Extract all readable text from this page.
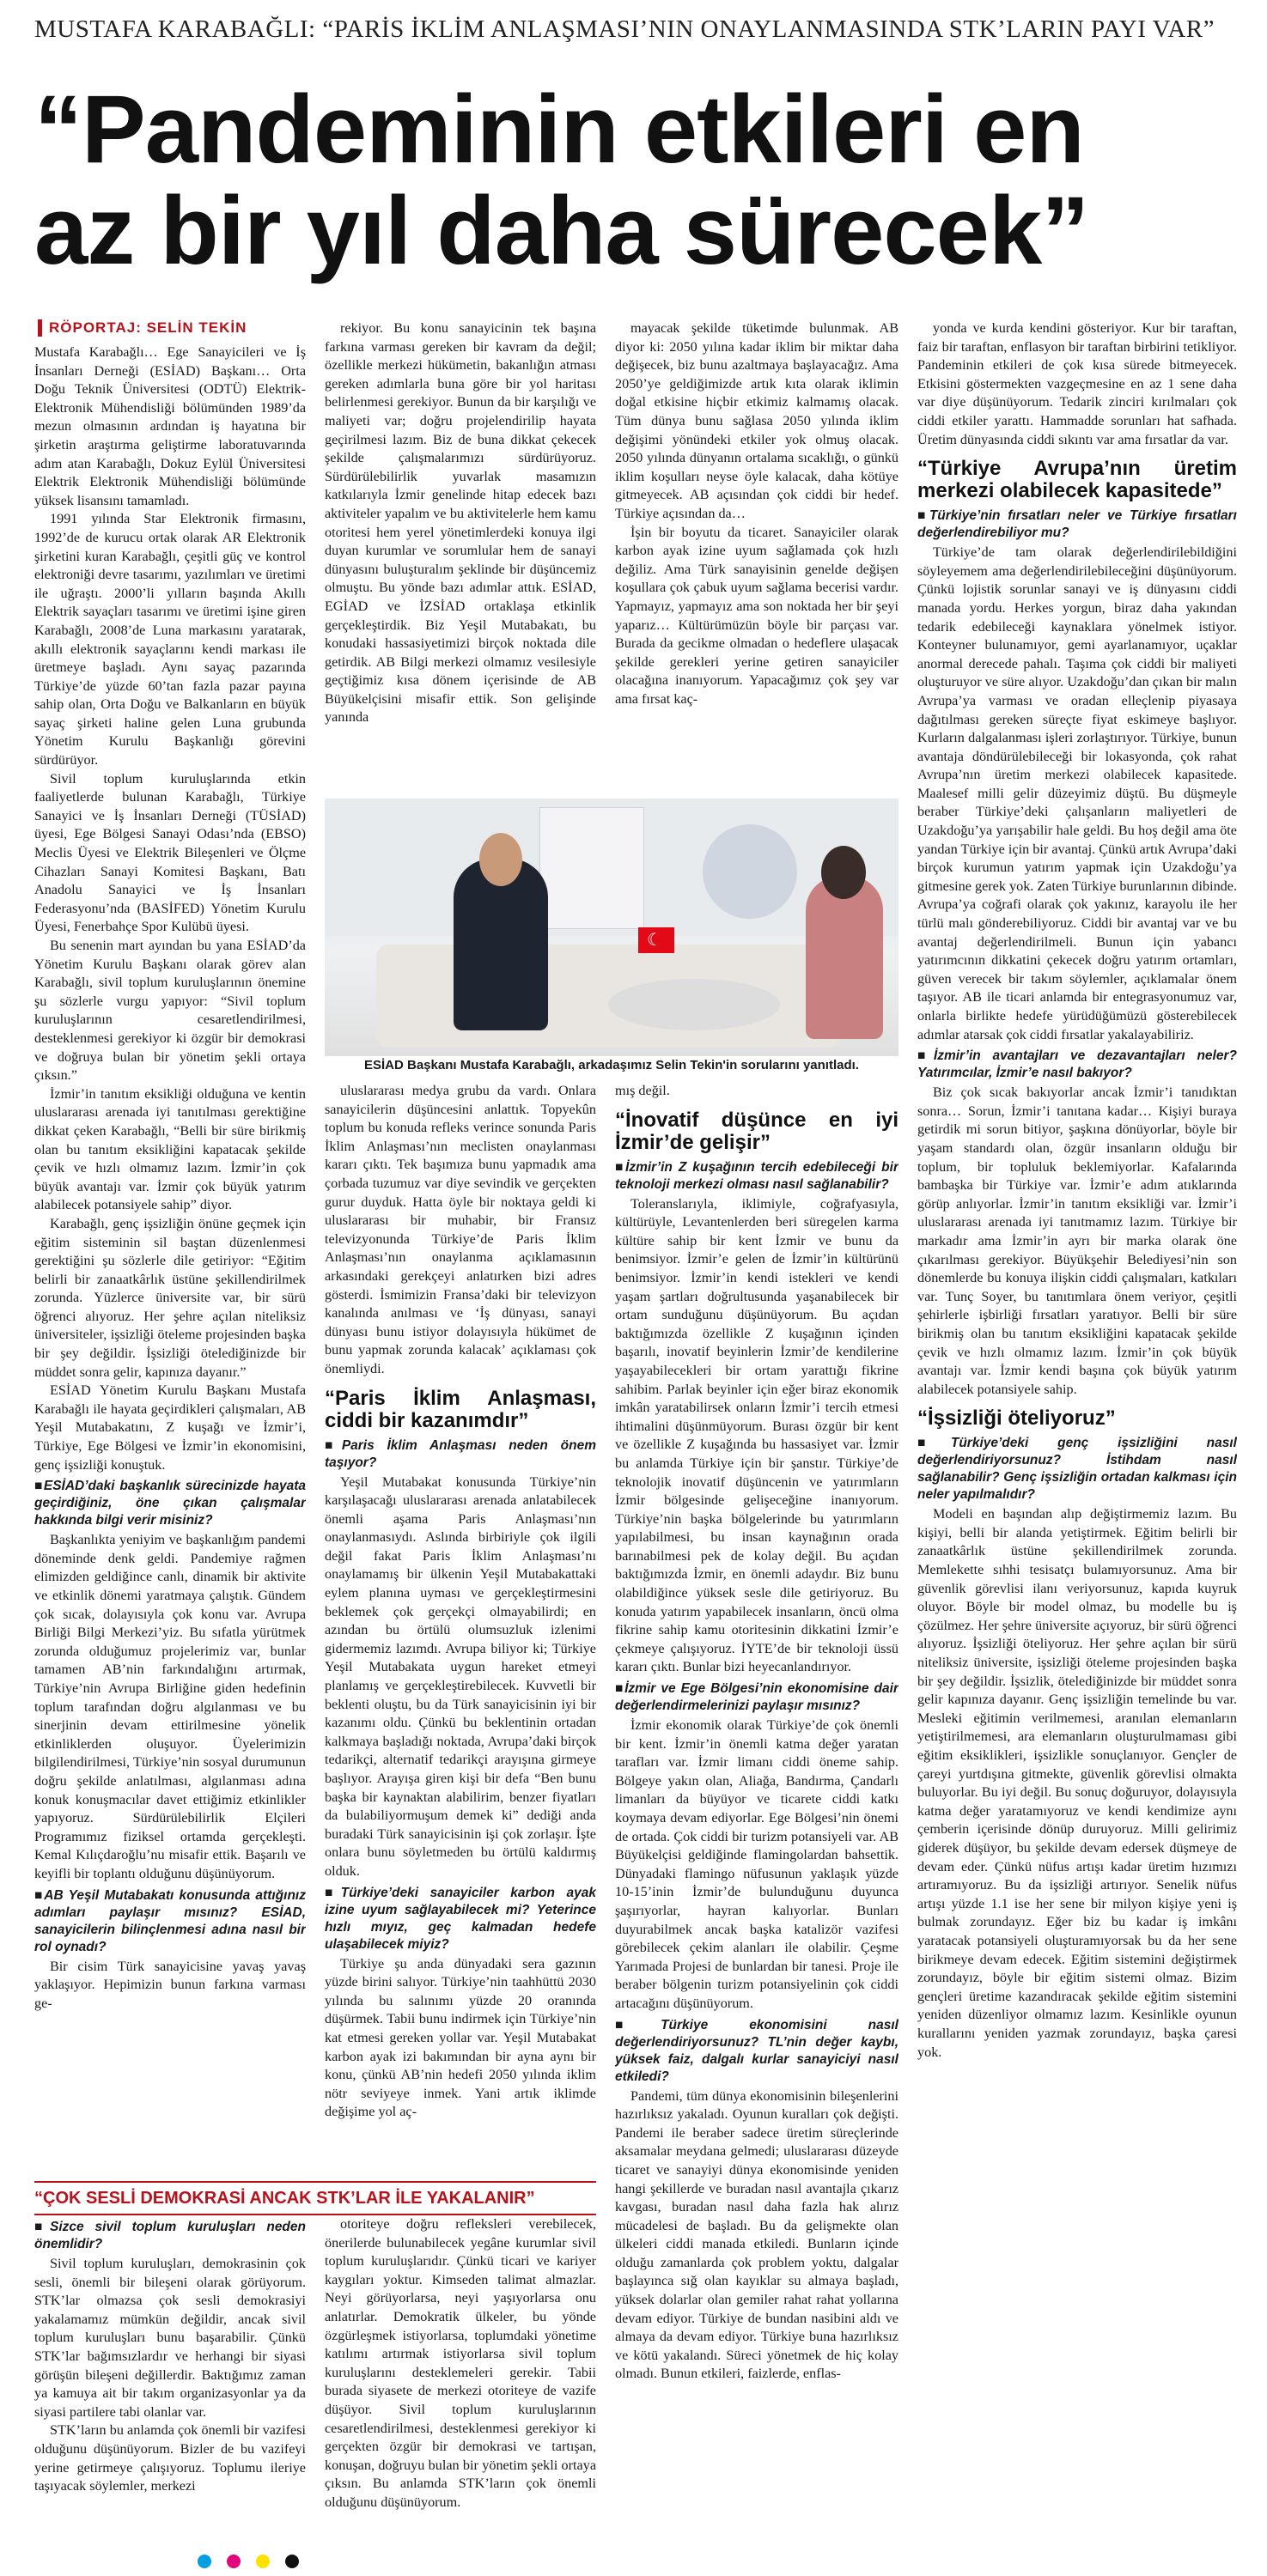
MUSTAFA KARABAĞLI: “PARİS İKLİM ANLAŞMASI’NIN ONAYLANMASINDA STK’LARIN PAYI VAR”
“Pandeminin etkileri en
az bir yıl daha sürecek”
RÖPORTAJ: SELİN TEKİN

Mustafa Karabağlı… Ege Sanayicileri ve İş İnsanları Derneği (ESİAD) Başkanı… Orta Doğu Teknik Üniversitesi (ODTÜ) Elektrik-Elektronik Mühendisliği bölümünden 1989’da mezun olmasının ardından iş hayatına bir şirketin araştırma geliştirme laboratuvarında adım atan Karabağlı, Dokuz Eylül Üniversitesi Elektrik Elektronik Mühendisliği bölümünde yüksek lisansını tamamladı.

1991 yılında Star Elektronik firmasını, 1992’de de kurucu ortak olarak AR Elektronik şirketini kuran Karabağlı, çeşitli güç ve kontrol elektroniği devre tasarımı, yazılımları ve üretimi ile uğraştı. 2000’li yılların başında Akıllı Elektrik sayaçları tasarımı ve üretimi işine giren Karabağlı, 2008’de Luna markasını yaratarak, akıllı elektronik sayaçlarını kendi markası ile üretmeye başladı. Aynı sayaç pazarında Türkiye’de yüzde 60’tan fazla pazar payına sahip olan, Orta Doğu ve Balkanların en büyük sayaç şirketi haline gelen Luna grubunda Yönetim Kurulu Başkanlığı görevini sürdürüyor.

Sivil toplum kuruluşlarında etkin faaliyetlerde bulunan Karabağlı, Türkiye Sanayici ve İş İnsanları Derneği (TÜSİAD) üyesi, Ege Bölgesi Sanayi Odası’nda (EBSO) Meclis Üyesi ve Elektrik Bileşenleri ve Ölçme Cihazları Sanayi Komitesi Başkanı, Batı Anadolu Sanayici ve İş İnsanları Federasyonu’nda (BASİFED) Yönetim Kurulu Üyesi, Fenerbahçe Spor Kulübü üyesi.

Bu senenin mart ayından bu yana ESİAD’da Yönetim Kurulu Başkanı olarak görev alan Karabağlı, sivil toplum kuruluşlarının önemine şu sözlerle vurgu yapıyor: “Sivil toplum kuruluşlarının cesaretlendirilmesi, desteklenmesi gerekiyor ki özgür bir demokrasi ve doğruya bulan bir yönetim şekli ortaya çıksın.”

İzmir’in tanıtım eksikliği olduğuna ve kentin uluslararası arenada iyi tanıtılması gerektiğine dikkat çeken Karabağlı, “Belli bir süre birikmiş olan bu tanıtım eksikliğini kapatacak şekilde çevik ve hızlı olmamız lazım. İzmir’in çok büyük avantajı var. İzmir çok büyük yatırım alabilecek potansiyele sahip” diyor.

Karabağlı, genç işsizliğin önüne geçmek için eğitim sisteminin sil baştan düzenlenmesi gerektiğini şu sözlerle dile getiriyor: “Eğitim belirli bir zanaatkârlık üstüne şekillendirilmek zorunda. Yüzlerce üniversite var, bir sürü öğrenci alıyoruz. Her şehre açılan niteliksiz üniversiteler, işsizliği öteleme projesinden başka bir şey değildir. İşsizliği ötelediğinizde bir müddet sonra gelir, kapınıza dayanır.”

ESİAD Yönetim Kurulu Başkanı Mustafa Karabağlı ile hayata geçirdikleri çalışmaları, AB Yeşil Mutabakatını, Z kuşağı ve İzmir’i, Türkiye, Ege Bölgesi ve İzmir’in ekonomisini, genç işsizliği konuştuk.

■ ESİAD’daki başkanlık sürecinizde hayata geçirdiğiniz, öne çıkan çalışmalar hakkında bilgi verir misiniz?

Başkanlıkta yeniyim ve başkanlığım pandemi döneminde denk geldi. Pandemiye rağmen elimizden geldiğince canlı, dinamik bir aktivite ve etkinlik dönemi yaratmaya çalıştık. Gündem çok sıcak, dolayısıyla çok konu var. Avrupa Birliği Bilgi Merkezi’yiz. Bu sıfatla yürütmek zorunda olduğumuz projelerimiz var, bunlar tamamen AB’nin farkındalığını artırmak, Türkiye’nin Avrupa Birliğine giden hedefinin toplum tarafından doğru algılanması ve bu sinerjinin devam ettirilmesine yönelik etkinliklerden oluşuyor. Üyelerimizin bilgilendirilmesi, Türkiye’nin sosyal durumunun doğru şekilde anlatılması, algılanması adına konuk konuşmacılar davet ettiğimiz etkinlikler yapıyoruz. Sürdürülebilirlik Elçileri Programımız fiziksel ortamda gerçekleşti. Kemal Kılıçdaroğlu’nu misafir ettik. Başarılı ve keyifli bir toplantı olduğunu düşünüyorum.

■ AB Yeşil Mutabakatı konusunda attığınız adımları paylaşır mısınız? ESİAD, sanayicilerin bilinçlenmesi adına nasıl bir rol oynadı?

Bir cisim Türk sanayicisine yavaş yavaş yaklaşıyor. Hepimizin bunun farkına varması ge-

rekiyor. Bu konu sanayicinin tek başına farkına varması gereken bir kavram da değil; özellikle merkezi hükümetin, bakanlığın atması gereken adımlarla buna göre bir yol haritası belirlenmesi gerekiyor. Bunun da bir karşılığı ve maliyeti var; doğru projelendirilip hayata geçirilmesi lazım. Biz de buna dikkat çekecek şekilde çalışmalarımızı sürdürüyoruz. Sürdürülebilirlik yuvarlak masamızın katkılarıyla İzmir genelinde hitap edecek bazı aktiviteler yapalım ve bu aktivitelerle hem kamu otoritesi hem yerel yönetimlerdeki konuya ilgi duyan kurumlar ve sorumlular hem de sanayi dünyasını buluşturalım şeklinde bir düşüncemiz olmuştu. Bu yönde bazı adımlar attık. ESİAD, EGİAD ve İZSİAD ortaklaşa etkinlik gerçekleştirdik. Biz Yeşil Mutabakatı, bu konudaki hassasiyetimizi birçok noktada dile getirdik. AB Bilgi merkezi olmamız vesilesiyle geçtiğimiz kısa dönem içerisinde de AB Büyükelçisini misafir ettik. Son gelişinde yanında

mayacak şekilde tüketimde bulunmak. AB diyor ki: 2050 yılına kadar iklim bir miktar daha değişecek, biz bunu azaltmaya başlayacağız. Ama 2050’ye geldiğimizde artık kıta olarak iklimin doğal etkisine hiçbir etkimiz kalmamış olacak. Tüm dünya bunu sağlasa 2050 yılında iklim değişimi yönündeki etkiler yok olmuş olacak. 2050 yılında dünyanın ortalama sıcaklığı, o günkü iklim koşulları neyse öyle kalacak, daha kötüye gitmeyecek. AB açısından çok ciddi bir hedef. Türkiye açısından da…

İşin bir boyutu da ticaret. Sanayiciler olarak karbon ayak izine uyum sağlamada çok hızlı değiliz. Ama Türk sanayisinin genelde değişen koşullara çok çabuk uyum sağlama becerisi vardır. Yapmayız, yapmayız ama son noktada her bir şeyi yaparız… Kültürümüzün böyle bir parçası var. Burada da gecikme olmadan o hedeflere ulaşacak şekilde gerekleri yerine getiren sanayiciler olacağına inanıyorum. Yapacağımız çok şey var ama fırsat kaç-

☾
ESİAD Başkanı Mustafa Karabağlı, arkadaşımız Selin Tekin'in sorularını yanıtladı.

uluslararası medya grubu da vardı. Onlara sanayicilerin düşüncesini anlattık. Topyekûn toplum bu konuda refleks verince sonunda Paris İklim Anlaşması’nın meclisten onaylanması kararı çıktı. Tek başımıza bunu yapmadık ama çorbada tuzumuz var diye sevindik ve gerçekten gurur duyduk. Hatta öyle bir noktaya geldi ki uluslararası bir muhabir, bir Fransız televizyonunda Türkiye’de Paris İklim Anlaşması’nın onaylanma açıklamasının arkasındaki gerekçeyi anlatırken bizi adres gösterdi. İsmimizin Fransa’daki bir televizyon kanalında anılması ve ‘İş dünyası, sanayi dünyası bunu istiyor dolayısıyla hükümet de bunu yapmak zorunda kalacak’ açıklaması çok önemliydi.

“Paris İklim Anlaşması, ciddi bir kazanımdır”
■ Paris İklim Anlaşması neden önem taşıyor?

Yeşil Mutabakat konusunda Türkiye’nin karşılaşacağı uluslararası arenada anlatabilecek önemli aşama Paris Anlaşması’nın onaylanmasıydı. Aslında birbiriyle çok ilgili değil fakat Paris İklim Anlaşması’nı onaylamamış bir ülkenin Yeşil Mutabakattaki eylem planına uyması ve gerçekleştirmesini beklemek çok gerçekçi olmayabilirdi; en azından bu örtülü olumsuzluk izlenimi gidermemiz lazımdı. Avrupa biliyor ki; Türkiye Yeşil Mutabakata uygun hareket etmeyi planlamış ve gerçekleştirebilecek. Kuvvetli bir beklenti oluştu, bu da Türk sanayicisinin iyi bir kazanımı oldu. Çünkü bu beklentinin ortadan kalkmaya başladığı noktada, Avrupa’daki birçok tedarikçi, alternatif tedarikçi arayışına girmeye başlıyor. Arayışa giren kişi bir defa “Ben bunu başka bir kaynaktan alabilirim, benzer fiyatları da bulabiliyormuşum demek ki” dediği anda buradaki Türk sanayicisinin işi çok zorlaşır. İşte onlara bunu söyletmeden bu örtülü kaldırmış olduk.

■ Türkiye’deki sanayiciler karbon ayak izine uyum sağlayabilecek mi? Yeterince hızlı mıyız, geç kalmadan hedefe ulaşabilecek miyiz?

Türkiye şu anda dünyadaki sera gazının yüzde birini salıyor. Türkiye’nin taahhüttü 2030 yılında bu salınımı yüzde 20 oranında düşürmek. Tabii bunu indirmek için Türkiye’nin kat etmesi gereken yollar var. Yeşil Mutabakat karbon ayak izi bakımından bir ayna aynı bir konu, çünkü AB’nin hedefi 2050 yılında iklim nötr seviyeye inmek. Yani artık iklimde değişime yol aç-

mış değil.

“İnovatif düşünce en iyi İzmir’de gelişir”
■ İzmir’in Z kuşağının tercih edebileceği bir teknoloji merkezi olması nasıl sağlanabilir?

Toleranslarıyla, iklimiyle, coğrafyasıyla, kültürüyle, Levantenlerden beri süregelen karma kültüre sahip bir kent İzmir ve bunu da benimsiyor. İzmir’e gelen de İzmir’in kültürünü benimsiyor. İzmir’in kendi istekleri ve kendi yaşam şartları doğrultusunda yaşanabilecek bir ortam sunduğunu düşünüyorum. Bu açıdan baktığımızda özellikle Z kuşağının içinden başarılı, inovatif beyinlerin İzmir’de kendilerine yaşayabilecekleri bir ortam yarattığı fikrine sahibim. Parlak beyinler için eğer biraz ekonomik imkân yaratabilirsek onların İzmir’i tercih etmesi ihtimalini düşünmüyorum. Burası özgür bir kent ve özellikle Z kuşağında bu hassasiyet var. İzmir bu anlamda Türkiye için bir şanstır. Türkiye’de teknolojik inovatif düşüncenin ve yatırımların İzmir bölgesinde gelişeceğine inanıyorum. Türkiye’nin başka bölgelerinde bu yatırımların yapılabilmesi, bu insan kaynağının orada barınabilmesi pek de kolay değil. Bu açıdan baktığımızda İzmir, en önemli adaydır. Biz bunu olabildiğince yüksek sesle dile getiriyoruz. Bu konuda yatırım yapabilecek insanların, öncü olma fikrine sahip kamu otoritesinin dikkatini İzmir’e çekmeye çalışıyoruz. İYTE’de bir teknoloji üssü kararı çıktı. Bunlar bizi heyecanlandırıyor.

■ İzmir ve Ege Bölgesi’nin ekonomisine dair değerlendirmelerinizi paylaşır mısınız?

İzmir ekonomik olarak Türkiye’de çok önemli bir kent. İzmir’in önemli katma değer yaratan tarafları var. İzmir limanı ciddi öneme sahip. Bölgeye yakın olan, Aliağa, Bandırma, Çandarlı limanları da büyüyor ve ticarete ciddi katkı koymaya devam ediyorlar. Ege Bölgesi’nin önemi de ortada. Çok ciddi bir turizm potansiyeli var. AB Büyükelçisi geldiğinde flamingolardan bahsettik. Dünyadaki flamingo nüfusunun yaklaşık yüzde 10-15’inin İzmir’de bulunduğunu duyunca şaşırıyorlar, hayran kalıyorlar. Bunları duyurabilmek ancak başka katalizör vazifesi görebilecek çekim alanları ile olabilir. Çeşme Yarımada Projesi de bunlardan bir tanesi. Proje ile beraber bölgenin turizm potansiyelinin çok ciddi artacağını düşünüyorum.

■ Türkiye ekonomisini nasıl değerlendiriyorsunuz? TL’nin değer kaybı, yüksek faiz, dalgalı kurlar sanayiciyi nasıl etkiledi?

Pandemi, tüm dünya ekonomisinin bileşenlerini hazırlıksız yakaladı. Oyunun kuralları çok değişti. Pandemi ile beraber sadece üretim süreçlerinde aksamalar meydana gelmedi; uluslararası düzeyde ticaret ve sanayiyi dünya ekonomisinde yeniden hangi şekillerde ve buradan nasıl avantajla çıkarız kavgası, buradan nasıl daha fazla hak alırız mücadelesi de başladı. Bu da gelişmekte olan ülkeleri ciddi manada etkiledi. Bunların içinde olduğu zamanlarda çok problem yoktu, dalgalar başlayınca sığ olan kayıklar su almaya başladı, yüksek dolarlar olan gemiler rahat rahat yollarına devam ediyor. Türkiye de bundan nasibini aldı ve almaya da devam ediyor. Türkiye buna hazırlıksız ve kötü yakalandı. Süreci yönetmek de hiç kolay olmadı. Bunun etkileri, faizlerde, enflas-

yonda ve kurda kendini gösteriyor. Kur bir taraftan, faiz bir taraftan, enflasyon bir taraftan birbirini tetikliyor. Pandeminin etkileri de çok kısa sürede bitmeyecek. Etkisini göstermekten vazgeçmesine en az 1 sene daha var diye düşünüyorum. Tedarik zinciri kırılmaları çok ciddi etkiler yarattı. Hammadde sorunları hat safhada. Üretim dünyasında ciddi sıkıntı var ama fırsatlar da var.

“Türkiye Avrupa’nın üretim merkezi olabilecek kapasitede”
■ Türkiye’nin fırsatları neler ve Türkiye fırsatları değerlendirebiliyor mu?

Türkiye’de tam olarak değerlendirilebildiğini söyleyemem ama değerlendirilebileceğini düşünüyorum. Çünkü lojistik sorunlar sanayi ve iş dünyasını ciddi manada yordu. Herkes yorgun, biraz daha yakından tedarik edebileceği kaynaklara yönelmek istiyor. Konteyner bulunamıyor, gemi ayarlanamıyor, uçaklar anormal derecede pahalı. Taşıma çok ciddi bir maliyeti oluşturuyor ve süre alıyor. Uzakdoğu’dan çıkan bir malın Avrupa’ya varması ve oradan elleçlenip piyasaya dağıtılması gereken süreçte fiyat eskimeye başlıyor. Kurların dalgalanması işleri zorlaştırıyor. Türkiye, bunun avantaja döndürülebileceği bir lokasyonda, çok rahat Avrupa’nın üretim merkezi olabilecek kapasitede. Maalesef milli gelir düzeyimiz düştü. Bu düşmeyle beraber Türkiye’deki çalışanların maliyetleri de Uzakdoğu’ya yarışabilir hale geldi. Bu hoş değil ama öte yandan Türkiye için bir avantaj. Çünkü artık Avrupa’daki birçok kurumun yatırım yapmak için Uzakdoğu’ya gitmesine gerek yok. Zaten Türkiye burunlarının dibinde. Avrupa’ya coğrafi olarak çok yakınız, karayolu ile her türlü malı gönderebiliyoruz. Ciddi bir avantaj var ve bu avantaj değerlendirilmeli. Bunun için yabancı yatırımcının dikkatini çekecek doğru yatırım ortamları, güven verecek bir takım söylemler, açıklamalar önem taşıyor. AB ile ticari anlamda bir entegrasyonumuz var, onlarla birlikte hedefe yürüdüğümüzü gösterebilecek adımlar atarsak çok ciddi fırsatlar yakalayabiliriz.

■ İzmir’in avantajları ve dezavantajları neler? Yatırımcılar, İzmir’e nasıl bakıyor?

Biz çok sıcak bakıyorlar ancak İzmir’i tanıdıktan sonra… Sorun, İzmir’i tanıtana kadar… Kişiyi buraya getirdik mi sorun bitiyor, şaşkına dönüyorlar, böyle bir yaşam standardı olan, özgür insanların olduğu bir toplum, bir topluluk beklemiyorlar. Kafalarında bambaşka bir Türkiye var. İzmir’e adım atıklarında görüp anlıyorlar. İzmir’in tanıtım eksikliği var. İzmir’i uluslararası arenada iyi tanıtmamız lazım. Türkiye bir markadır ama İzmir’in ayrı bir marka olarak öne çıkarılması gerekiyor. Büyükşehir Belediyesi’nin son dönemlerde bu konuya ilişkin ciddi çalışmaları, katkıları var. Tunç Soyer, bu tanıtımlara önem veriyor, çeşitli şehirlerle işbirliği fırsatları yaratıyor. Belli bir süre birikmiş olan bu tanıtım eksikliğini kapatacak şekilde çevik ve hızlı olmamız lazım. İzmir’in çok büyük avantajı var. İzmir kendi başına çok büyük yatırım alabilecek potansiyele sahip.

“İşsizliği öteliyoruz”
■ Türkiye’deki genç işsizliğini nasıl değerlendiriyorsunuz? İstihdam nasıl sağlanabilir? Genç işsizliğin ortadan kalkması için neler yapılmalıdır?

Modeli en başından alıp değiştirmemiz lazım. Bu kişiyi, belli bir alanda yetiştirmek. Eğitim belirli bir zanaatkârlık üstüne şekillendirilmek zorunda. Memlekette sıhhi tesisatçı bulamıyorsunuz. Ama bir güvenlik görevlisi ilanı veriyorsunuz, kapıda kuyruk oluyor. Böyle bir model olmaz, bu modelle bu iş çözülmez. Her şehre üniversite açıyoruz, bir sürü öğrenci alıyoruz. İşsizliği öteliyoruz. Her şehre açılan bir sürü niteliksiz üniversite, işsizliği öteleme projesinden başka bir şey değildir. İşsizlik, ötelediğinizde bir müddet sonra gelir kapınıza dayanır. Genç işsizliğin temelinde bu var. Mesleki eğitimin verilmemesi, aranılan elemanların yetiştirilmemesi, ara elemanların oluşturulmaması gibi eğitim eksiklikleri, işsizlikle sonuçlanıyor. Gençler de çareyi yurtdışına gitmekte, güvenlik görevlisi olmakta buluyorlar. Bu iyi değil. Bu sonuç doğuruyor, dolayısıyla katma değer yaratamıyoruz ve kendi kendimize aynı çemberin içerisinde dönüp duruyoruz. Milli gelirimiz giderek düşüyor, bu şekilde devam edersek düşmeye de devam eder. Çünkü nüfus artışı kadar üretim hızımızı artıramıyoruz. Bu da işsizliği artırıyor. Senelik nüfus artışı yüzde 1.1 ise her sene bir milyon kişiye yeni iş bulmak zorundayız. Eğer biz bu kadar iş imkânı yaratacak potansiyeli oluşturamıyorsak bu da her sene birikmeye devam edecek. Eğitim sistemini değiştirmek zorundayız, böyle bir eğitim sistemi olmaz. Bizim gençleri üretime kazandıracak şekilde eğitim sistemini yeniden düzenliyor olmamız lazım. Kesinlikle oyunun kurallarını yeniden yazmak zorundayız, başka çaresi yok.

“ÇOK SESLİ DEMOKRASİ ANCAK STK’LAR İLE YAKALANIR”
■ Sizce sivil toplum kuruluşları neden önemlidir?

Sivil toplum kuruluşları, demokrasinin çok sesli, önemli bir bileşeni olarak görüyorum. STK’lar olmazsa çok sesli demokrasiyi yakalamamız mümkün değildir, ancak sivil toplum kuruluşları bunu başarabilir. Çünkü STK’lar bağımsızlardır ve herhangi bir siyasi görüşün bileşeni değillerdir. Baktığımız zaman ya kamuya ait bir takım organizasyonlar ya da siyasi partilere tabi olanlar var.

STK’ların bu anlamda çok önemli bir vazifesi olduğunu düşünüyorum. Bizler de bu vazifeyi yerine getirmeye çalışıyoruz. Toplumu ileriye taşıyacak söylemler, merkezi

otoriteye doğru refleksleri verebilecek, önerilerde bulunabilecek yegâne kurumlar sivil toplum kuruluşlarıdır. Çünkü ticari ve kariyer kaygıları yoktur. Kimseden talimat almazlar. Neyi görüyorlarsa, neyi yaşıyorlarsa onu anlatırlar. Demokratik ülkeler, bu yönde özgürleşmek istiyorlarsa, toplumdaki yönetime katılımı artırmak istiyorlarsa sivil toplum kuruluşlarını desteklemeleri gerekir. Tabii burada siyasete de merkezi otoriteye de vazife düşüyor. Sivil toplum kuruluşlarının cesaretlendirilmesi, desteklenmesi gerekiyor ki gerçekten özgür bir demokrasi ve tartışan, konuşan, doğruyu bulan bir yönetim şekli ortaya çıksın. Bu anlamda STK’ların çok önemli olduğunu düşünüyorum.
